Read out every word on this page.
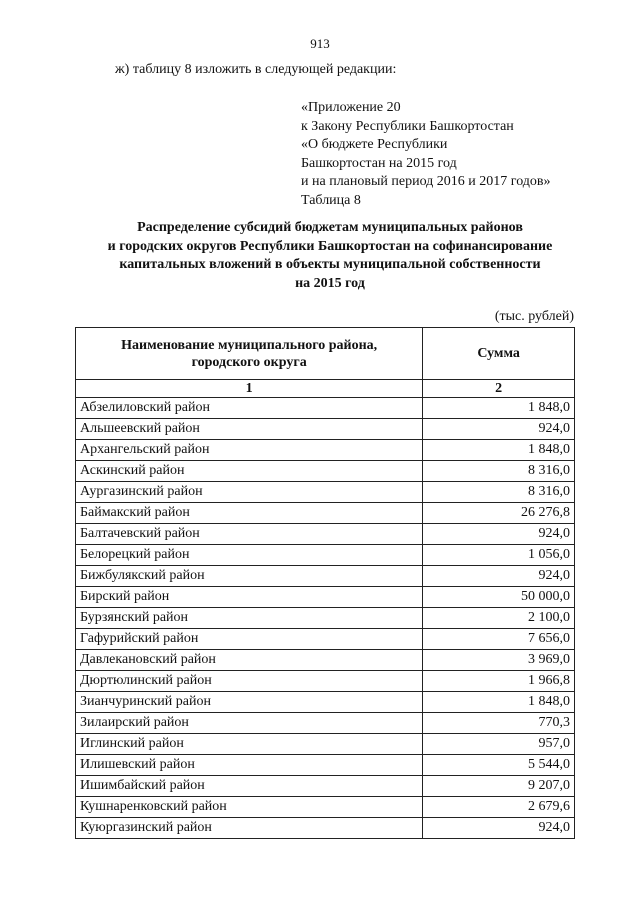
913
ж) таблицу 8 изложить в следующей редакции:
«Приложение 20
к Закону Республики Башкортостан
«О бюджете Республики
Башкортостан на 2015 год
и на плановый период 2016 и 2017 годов»
Таблица 8
Распределение субсидий бюджетам муниципальных районов
и городских округов Республики Башкортостан на софинансирование
капитальных вложений в объекты муниципальной собственности
на 2015 год
(тыс. рублей)
Наименование муниципального района,
городского округа	Сумма
1	2
Абзелиловский район	1 848,0
Альшеевский район	924,0
Архангельский район	1 848,0
Аскинский район	8 316,0
Аургазинский район	8 316,0
Баймакский район	26 276,8
Балтачевский район	924,0
Белорецкий район	1 056,0
Бижбулякский район	924,0
Бирский район	50 000,0
Бурзянский район	2 100,0
Гафурийский район	7 656,0
Давлекановский район	3 969,0
Дюртюлинский район	1 966,8
Зианчуринский район	1 848,0
Зилаирский район	770,3
Иглинский район	957,0
Илишевский район	5 544,0
Ишимбайский район	9 207,0
Кушнаренковский район	2 679,6
Куюргазинский район	924,0
